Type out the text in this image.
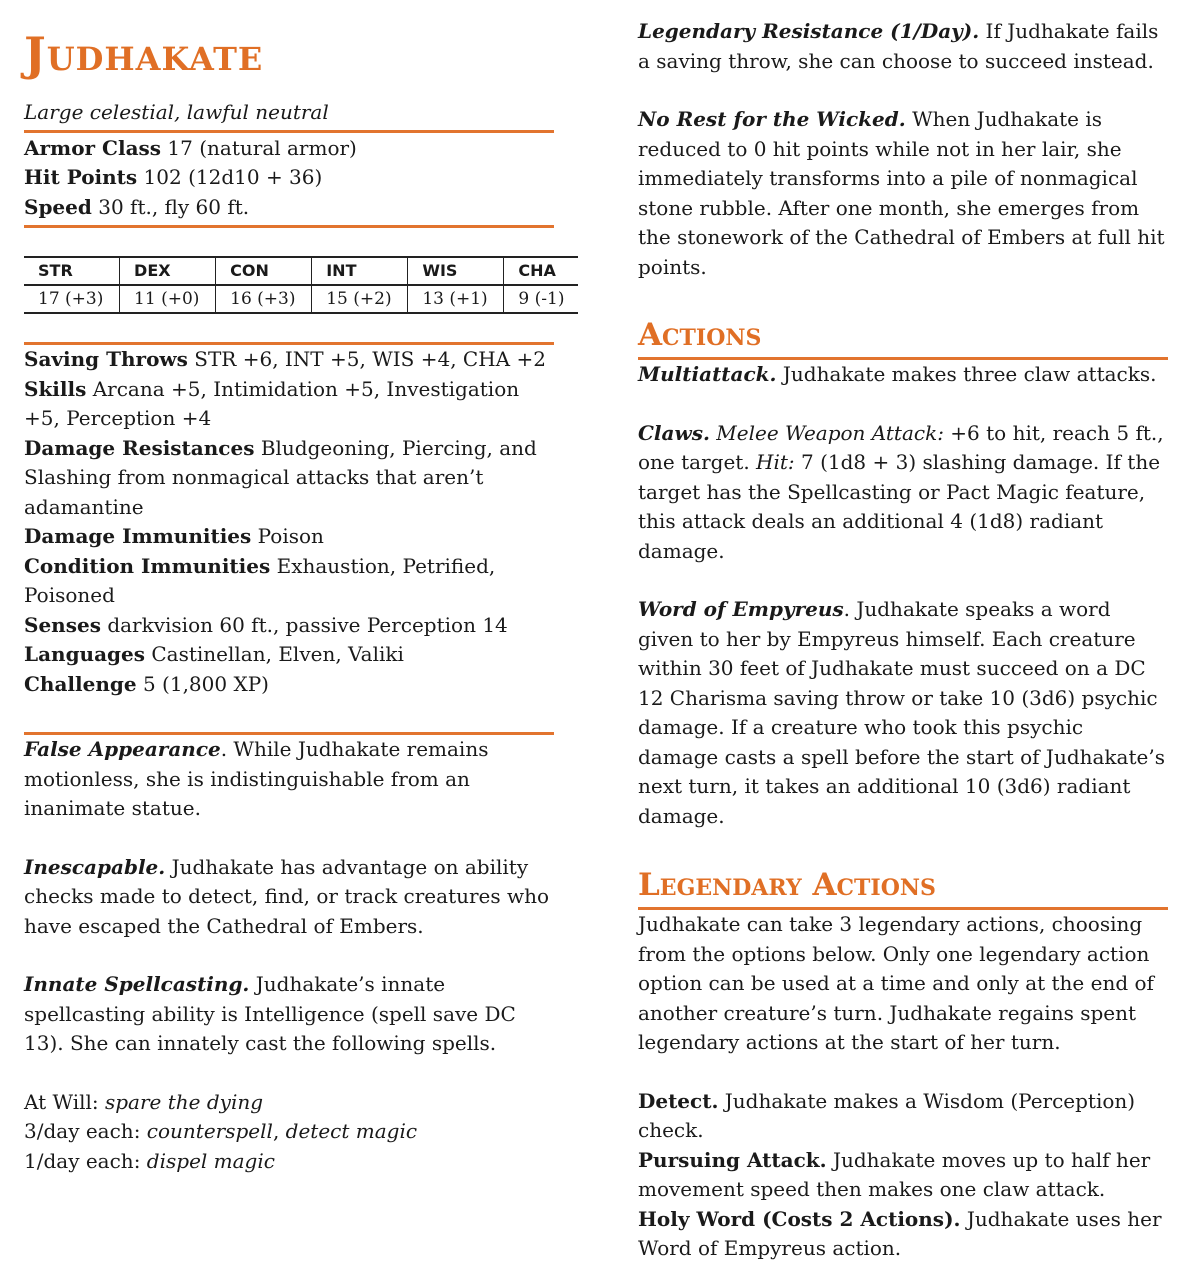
Judhakate
Large celestial, lawful neutral

Armor Class 17 (natural armor)

Hit Points 102 (12d10 + 36)

Speed 30 ft., fly 60 ft.

STR	DEX	CON	INT	WIS	CHA
17 (+3)	11 (+0)	16 (+3)	15 (+2)	13 (+1)	9 (-1)

Saving Throws STR +6, INT +5, WIS +4, CHA +2

Skills Arcana +5, Intimidation +5, Investigation +5, Perception +4

Damage Resistances Bludgeoning, Piercing, and Slashing from nonmagical attacks that aren’t adamantine

Damage Immunities Poison

Condition Immunities Exhaustion, Petrified, Poisoned

Senses darkvision 60 ft., passive Perception 14

Languages Castinellan, Elven, Valiki

Challenge 5 (1,800 XP)

False Appearance. While Judhakate remains motionless, she is indistinguishable from an inanimate statue.

Inescapable. Judhakate has advantage on ability checks made to detect, find, or track creatures who have escaped the Cathedral of Embers.

Innate Spellcasting. Judhakate’s innate spellcasting ability is Intelligence (spell save DC 13). She can innately cast the following spells.

At Will: spare the dying

3/day each: counterspell, detect magic

1/day each: dispel magic

Legendary Resistance (1/Day). If Judhakate fails a saving throw, she can choose to succeed instead.

No Rest for the Wicked. When Judhakate is reduced to 0 hit points while not in her lair, she immediately transforms into a pile of nonmagical stone rubble. After one month, she emerges from the stonework of the Cathedral of Embers at full hit points.

Actions

Multiattack. Judhakate makes three claw attacks.

Claws. Melee Weapon Attack: +6 to hit, reach 5 ft., one target. Hit: 7 (1d8 + 3) slashing damage. If the target has the Spellcasting or Pact Magic feature, this attack deals an additional 4 (1d8) radiant damage.

Word of Empyreus. Judhakate speaks a word given to her by Empyreus himself. Each creature within 30 feet of Judhakate must succeed on a DC 12 Charisma saving throw or take 10 (3d6) psychic damage. If a creature who took this psychic damage casts a spell before the start of Judhakate’s next turn, it takes an additional 10 (3d6) radiant damage.

Legendary Actions

Judhakate can take 3 legendary actions, choosing from the options below. Only one legendary action option can be used at a time and only at the end of another creature’s turn. Judhakate regains spent legendary actions at the start of her turn.

Detect. Judhakate makes a Wisdom (Perception) check.

Pursuing Attack. Judhakate moves up to half her movement speed then makes one claw attack.

Holy Word (Costs 2 Actions). Judhakate uses her Word of Empyreus action.
